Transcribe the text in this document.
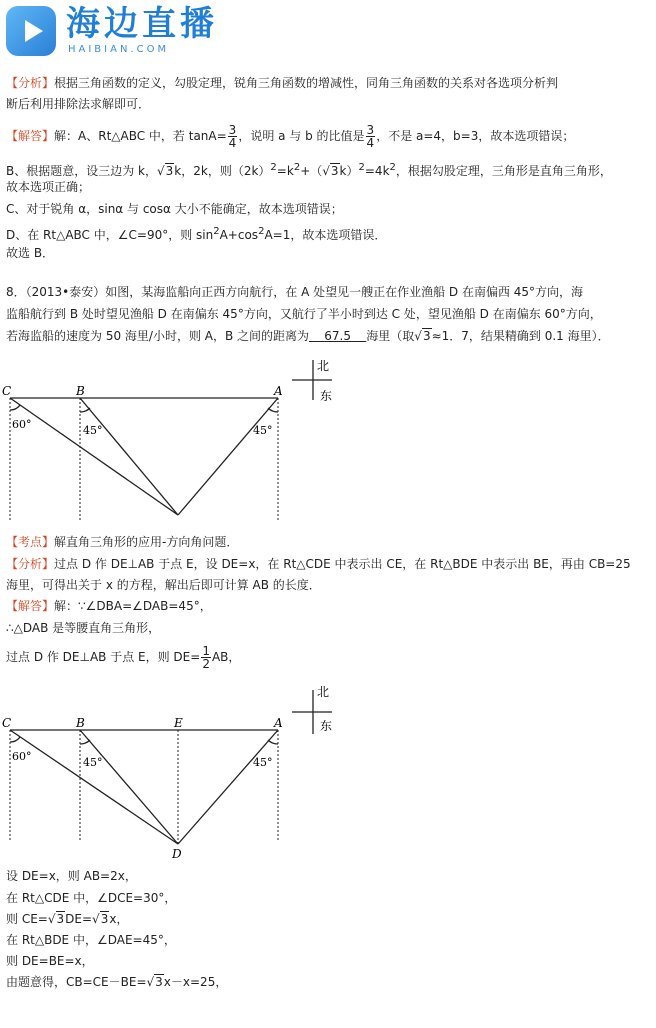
海边直播
HAIBIAN.COM
【分析】根据三角函数的定义，勾股定理，锐角三角函数的增减性，同角三角函数的关系对各选项分析判
断后利用排除法求解即可．
【解答】解：A、Rt△ABC 中，若 $\tan A= \frac{3}{4}$ ，说明 a 与 b 的比值是 $\frac{3}{4}$ ，不是 a=4，b=3，故本选项错误；
B、根据题意，设三边为 k，√3k，2k，则$(2k)^2=k^2+(√3k)^2=4k^2$，根据勾股定理，三角形是直角三角形，
故本选项正确；
C、对于锐角 α，sinα 与 cosα 大小不能确定，故本选项错误；
D、在 Rt△ABC 中，∠C=90°，则 $\sin^2A+\cos^2A=1$，故本选项错误．
故选 B．
8．（2013•泰安）如图，某海监船向正西方向航行，在 A 处望见一艘正在作业渔船 D 在南偏西 45°方向，海
监船航行到 B 处时望见渔船 D 在南偏东 45°方向，又航行了半小时到达 C 处，望见渔船 D 在南偏东 60°方向，
若海监船的速度为 50 海里/小时，则 A，B 之间的距离为 67.5 海里（取√3≈1．7，结果精确到 0.1 海里）．
C	B	A
60°	45°	45°
北
东
【考点】解直角三角形的应用-方向角问题．
【分析】过点 D 作 DE⊥AB 于点 E，设 DE=x，在 Rt△CDE 中表示出 CE，在 Rt△BDE 中表示出 BE，再由 CB=25
海里，可得出关于 x 的方程，解出后即可计算 AB 的长度．
【解答】解：∵∠DBA=∠DAB=45°，
∴△DAB 是等腰直角三角形，
过点 D 作 DE⊥AB 于点 E，则 $DE= \frac{1}{2}$ AB，
C	B	E	A
D
60°	45°	45°
北
东
设 DE=x，则 AB=2x，
在 Rt△CDE 中，∠DCE=30°，
则 CE=√3DE=√3x，
在 Rt△BDE 中，∠DAE=45°，
则 DE=BE=x，
由题意得，CB=CE－BE=√3x－x=25，
